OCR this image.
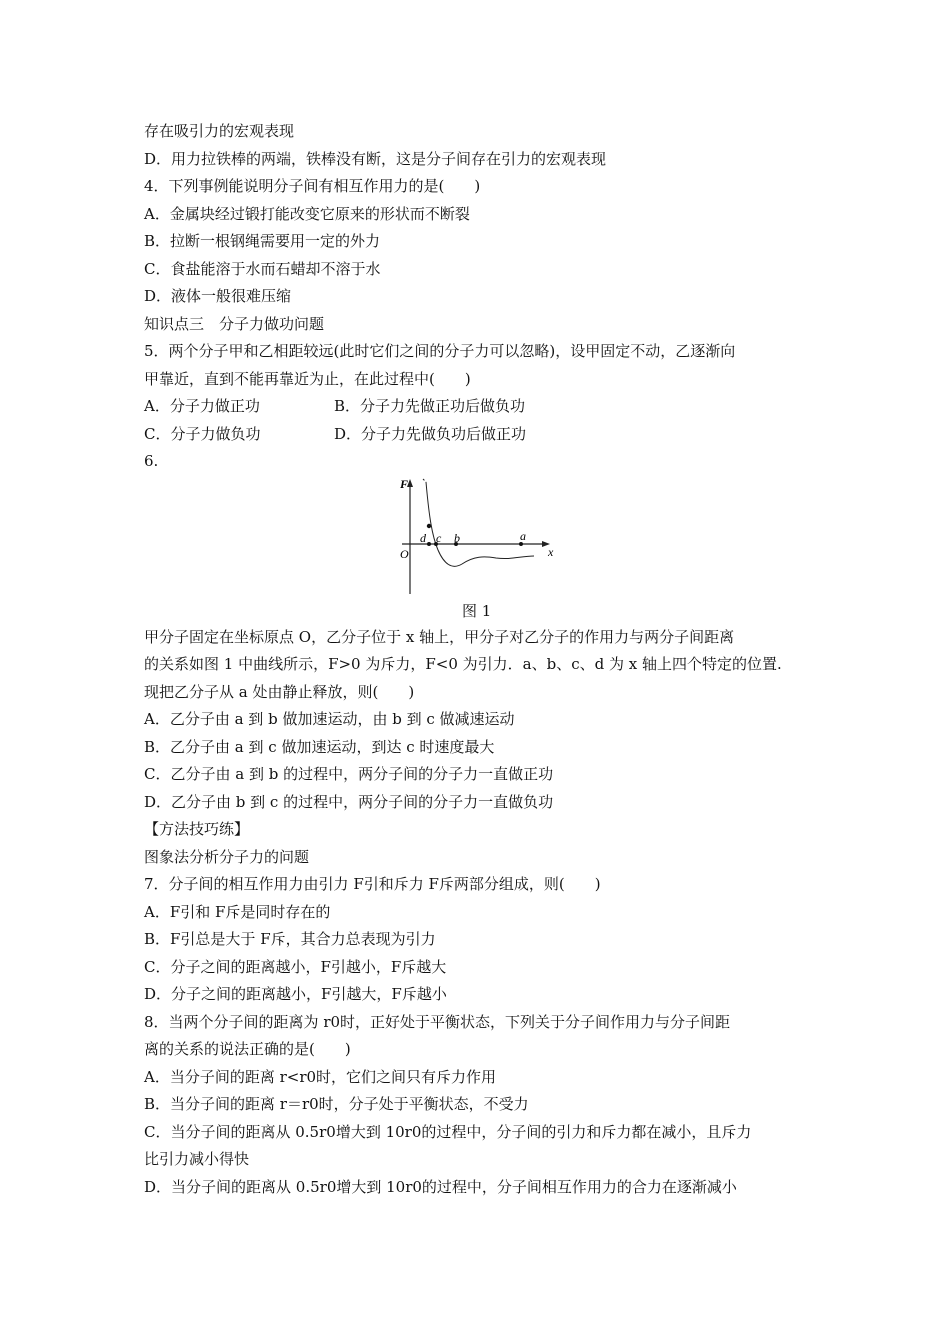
存在吸引力的宏观表现
D．用力拉铁棒的两端，铁棒没有断，这是分子间存在引力的宏观表现
4．下列事例能说明分子间有相互作用力的是(　　)
A．金属块经过锻打能改变它原来的形状而不断裂
B．拉断一根钢绳需要用一定的外力
C．食盐能溶于水而石蜡却不溶于水
D．液体一般很难压缩
知识点三　分子力做功问题
5．两个分子甲和乙相距较远(此时它们之间的分子力可以忽略)，设甲固定不动，乙逐渐向
甲靠近，直到不能再靠近为止，在此过程中(　　)
A．分子力做正功	B．分子力先做正功后做负功
C．分子力做负功	D．分子力先做负功后做正功
6.
F
x
O
d c b	a
图 1
甲分子固定在坐标原点 O，乙分子位于 x 轴上，甲分子对乙分子的作用力与两分子间距离
的关系如图 1 中曲线所示，F>0 为斥力，F<0 为引力．a、b、c、d 为 x 轴上四个特定的位置.
现把乙分子从 a 处由静止释放，则(　　)
A．乙分子由 a 到 b 做加速运动，由 b 到 c 做减速运动
B．乙分子由 a 到 c 做加速运动，到达 c 时速度最大
C．乙分子由 a 到 b 的过程中，两分子间的分子力一直做正功
D．乙分子由 b 到 c 的过程中，两分子间的分子力一直做负功
【方法技巧练】
图象法分析分子力的问题
7．分子间的相互作用力由引力 F引和斥力 F斥两部分组成，则(　　)
A．F引和 F斥是同时存在的
B．F引总是大于 F斥，其合力总表现为引力
C．分子之间的距离越小，F引越小，F斥越大
D．分子之间的距离越小，F引越大，F斥越小
8．当两个分子间的距离为 r0时，正好处于平衡状态，下列关于分子间作用力与分子间距
离的关系的说法正确的是(　　)
A．当分子间的距离 r<r0时，它们之间只有斥力作用
B．当分子间的距离 r＝r0时，分子处于平衡状态，不受力
C．当分子间的距离从 0.5r0增大到 10r0的过程中，分子间的引力和斥力都在减小，且斥力
比引力减小得快
D．当分子间的距离从 0.5r0增大到 10r0的过程中，分子间相互作用力的合力在逐渐减小
